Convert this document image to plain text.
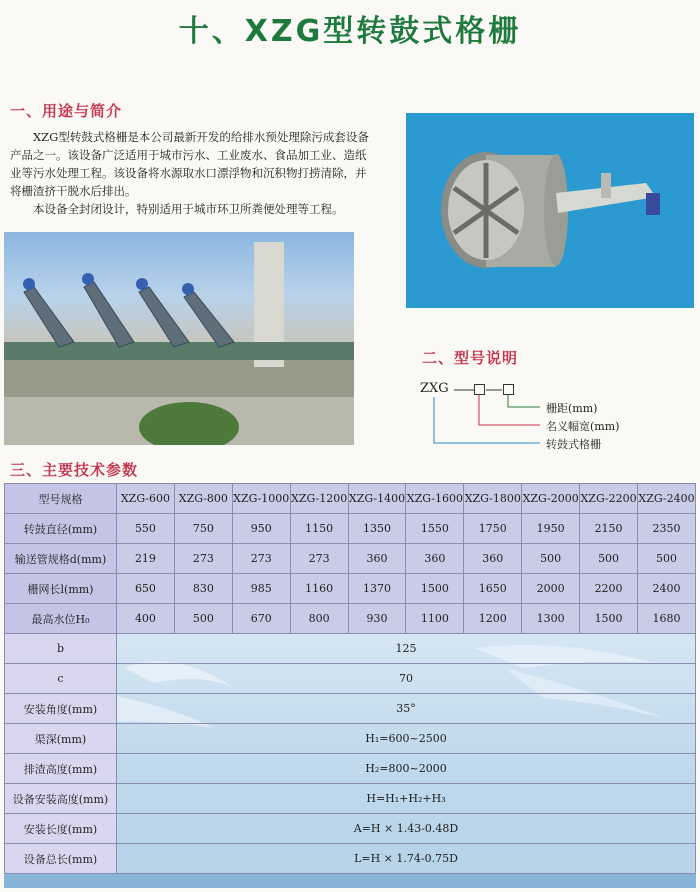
十、XZG型转鼓式格栅
一、用途与简介

XZG型转鼓式格栅是本公司最新开发的给排水预处理除污成套设备产品之一。该设备广泛适用于城市污水、工业废水、食品加工业、造纸业等污水处理工程。该设备将水源取水口漂浮物和沉积物打捞清除，并将栅渣挤干脱水后排出。

本设备全封闭设计，特别适用于城市环卫所粪便处理等工程。

二、型号说明
ZXG
栅距(mm)
名义幅宽(mm)
转鼓式格栅
三、主要技术参数
型号规格	XZG-600	XZG-800	XZG-1000	XZG-1200	XZG-1400	XZG-1600	XZG-1800	XZG-2000	XZG-2200	XZG-2400
转鼓直径(mm)	550	750	950	1150	1350	1550	1750	1950	2150	2350
输送管规格d(mm)	219	273	273	273	360	360	360	500	500	500
栅网长l(mm)	650	830	985	1160	1370	1500	1650	2000	2200	2400
最高水位H₀	400	500	670	800	930	1100	1200	1300	1500	1680
b	125									
c	70									
安装角度(mm)	35°									
渠深(mm)	H₁=600~2500									
排渣高度(mm)	H₂=800~2000									
设备安装高度(mm)	H=H₁+H₂+H₃									
安装长度(mm)	A=H × 1.43-0.48D									
设备总长(mm)	L=H × 1.74-0.75D									
